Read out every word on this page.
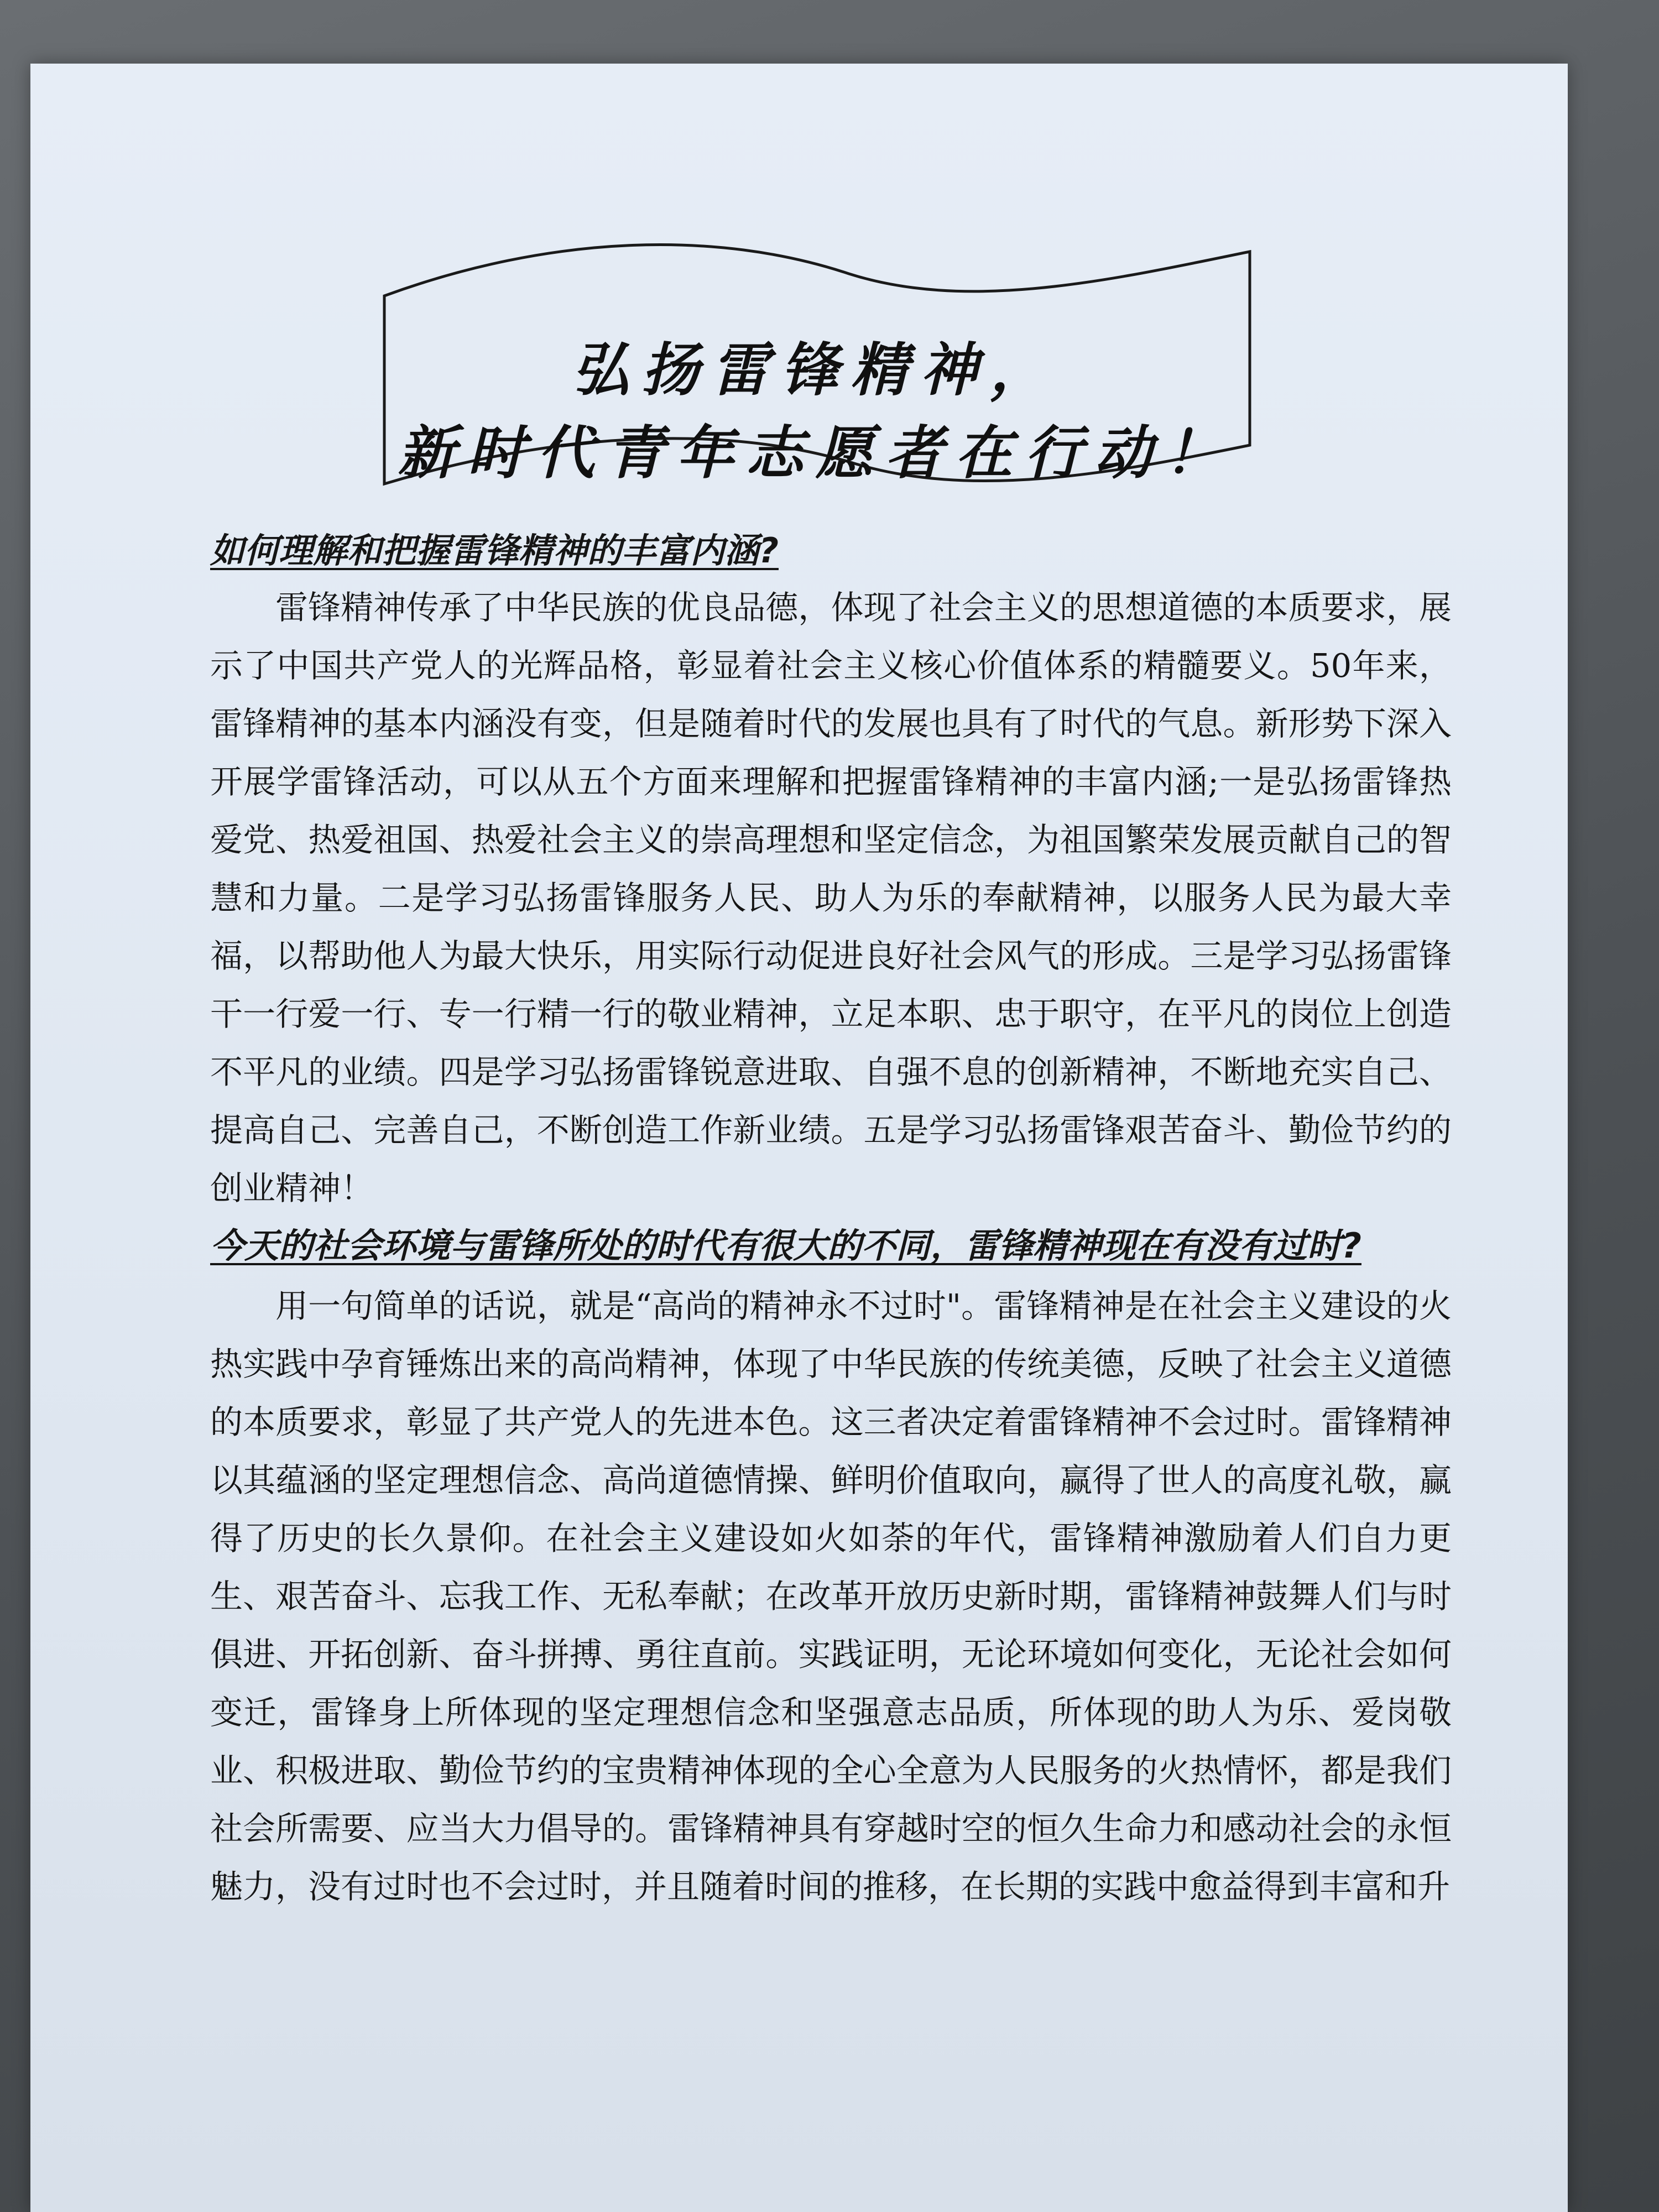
弘扬雷锋精神，
新时代青年志愿者在行动！

如何理解和把握雷锋精神的丰富内涵?

雷锋精神传承了中华民族的优良品德，体现了社会主义的思想道德的本质要求，展示了中国共产党人的光辉品格，彰显着社会主义核心价值体系的精髓要义。50年来，雷锋精神的基本内涵没有变，但是随着时代的发展也具有了时代的气息。新形势下深入开展学雷锋活动，可以从五个方面来理解和把握雷锋精神的丰富内涵;一是弘扬雷锋热爱党、热爱祖国、热爱社会主义的崇高理想和坚定信念，为祖国繁荣发展贡献自己的智慧和力量。二是学习弘扬雷锋服务人民、助人为乐的奉献精神，以服务人民为最大幸福，以帮助他人为最大快乐，用实际行动促进良好社会风气的形成。三是学习弘扬雷锋干一行爱一行、专一行精一行的敬业精神，立足本职、忠于职守，在平凡的岗位上创造不平凡的业绩。四是学习弘扬雷锋锐意进取、自强不息的创新精神，不断地充实自己、提高自己、完善自己，不断创造工作新业绩。五是学习弘扬雷锋艰苦奋斗、勤俭节约的创业精神！

今天的社会环境与雷锋所处的时代有很大的不同，雷锋精神现在有没有过时?

用一句简单的话说，就是“高尚的精神永不过时"。雷锋精神是在社会主义建设的火热实践中孕育锤炼出来的高尚精神，体现了中华民族的传统美德，反映了社会主义道德的本质要求，彰显了共产党人的先进本色。这三者决定着雷锋精神不会过时。雷锋精神以其蕴涵的坚定理想信念、高尚道德情操、鲜明价值取向，赢得了世人的高度礼敬，赢得了历史的长久景仰。在社会主义建设如火如荼的年代，雷锋精神激励着人们自力更生、艰苦奋斗、忘我工作、无私奉献；在改革开放历史新时期，雷锋精神鼓舞人们与时俱进、开拓创新、奋斗拼搏、勇往直前。实践证明，无论环境如何变化，无论社会如何变迁，雷锋身上所体现的坚定理想信念和坚强意志品质，所体现的助人为乐、爱岗敬业、积极进取、勤俭节约的宝贵精神体现的全心全意为人民服务的火热情怀，都是我们社会所需要、应当大力倡导的。雷锋精神具有穿越时空的恒久生命力和感动社会的永恒魅力，没有过时也不会过时，并且随着时间的推移，在长期的实践中愈益得到丰富和升
